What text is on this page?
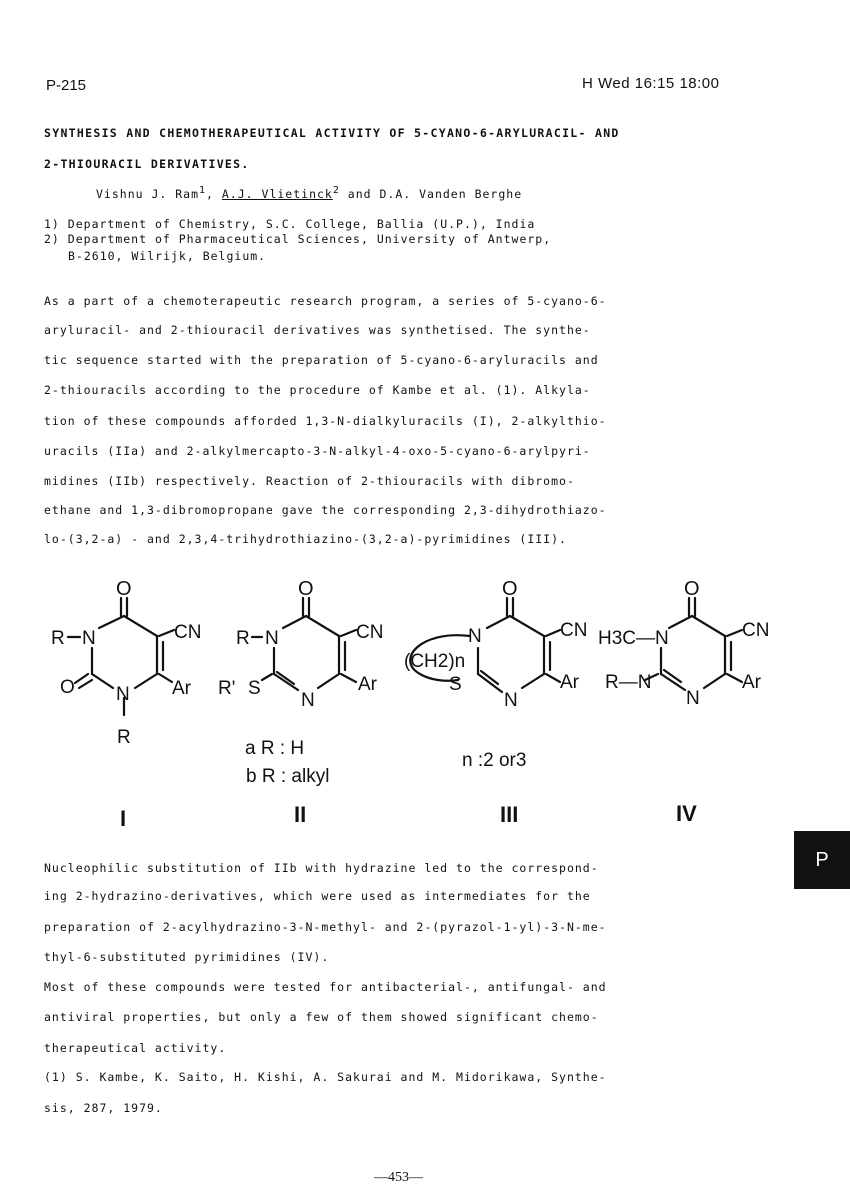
P-215	H Wed 16:15 18:00
SYNTHESIS AND CHEMOTHERAPEUTICAL ACTIVITY OF 5-CYANO-6-ARYLURACIL- AND
2-THIOURACIL DERIVATIVES.
Vishnu J. Ram$^1$, A.J. Vlietinck$^2$ and D.A. Vanden Berghe
1) Department of Chemistry, S.C. College, Ballia (U.P.), India
2) Department of Pharmaceutical Sciences, University of Antwerp,
B-2610, Wilrijk, Belgium.
As a part of a chemoterapeutic research program, a series of 5-cyano-6-
aryluracil- and 2-thiouracil derivatives was synthetised. The synthe-
tic sequence started with the preparation of 5-cyano-6-aryluracils and
2-thiouracils according to the procedure of Kambe et al. (1). Alkyla-
tion of these compounds afforded 1,3-N-dialkyluracils (I), 2-alkylthio-
uracils (IIa) and 2-alkylmercapto-3-N-alkyl-4-oxo-5-cyano-6-arylpyri-
midines (IIb) respectively. Reaction of 2-thiouracils with dibromo-
ethane and 1,3-dibromopropane gave the corresponding 2,3-dihydrothiazo-
lo-(3,2-a) - and 2,3,4-trihydrothiazino-(3,2-a)-pyrimidines (III).
O
CN
R N
O N Ar
R
O
CN
R N
R' S
N
Ar
a R : H
b R : alkyl
O
CN
N
(CH2)n
S
N
Ar
n :2 or3
O
CN
H3C—N
R—N
N
Ar
I	II	III	IV
Nucleophilic substitution of IIb with hydrazine led to the correspond-
ing 2-hydrazino-derivatives, which were used as intermediates for the
preparation of 2-acylhydrazino-3-N-methyl- and 2-(pyrazol-1-yl)-3-N-me-
thyl-6-substituted pyrimidines (IV).
Most of these compounds were tested for antibacterial-, antifungal- and
antiviral properties, but only a few of them showed significant chemo-
therapeutical activity.
(1) S. Kambe, K. Saito, H. Kishi, A. Sakurai and M. Midorikawa, Synthe-
sis, 287, 1979.
P
—453—
